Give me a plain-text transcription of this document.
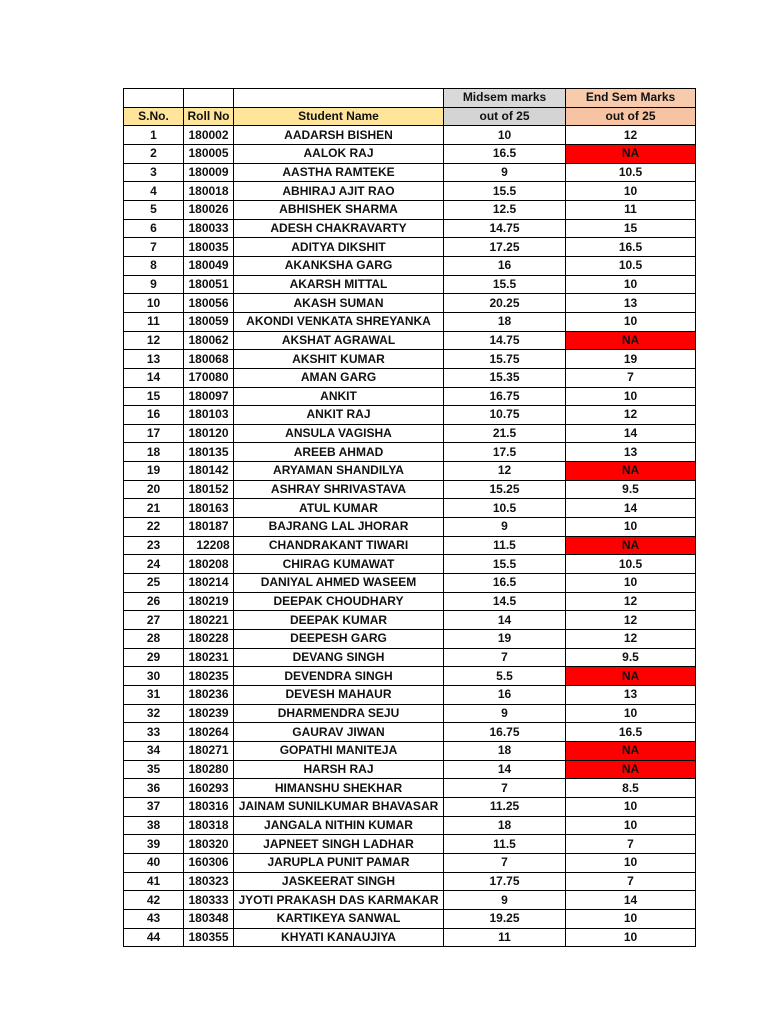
			Midsem marks	End Sem Marks
S.No.	Roll No	Student Name	out of 25	out of 25
1	180002	AADARSH BISHEN	10	12
2	180005	AALOK RAJ	16.5	NA
3	180009	AASTHA RAMTEKE	9	10.5
4	180018	ABHIRAJ AJIT RAO	15.5	10
5	180026	ABHISHEK SHARMA	12.5	11
6	180033	ADESH CHAKRAVARTY	14.75	15
7	180035	ADITYA DIKSHIT	17.25	16.5
8	180049	AKANKSHA GARG	16	10.5
9	180051	AKARSH MITTAL	15.5	10
10	180056	AKASH SUMAN	20.25	13
11	180059	AKONDI VENKATA SHREYANKA	18	10
12	180062	AKSHAT AGRAWAL	14.75	NA
13	180068	AKSHIT KUMAR	15.75	19
14	170080	AMAN GARG	15.35	7
15	180097	ANKIT	16.75	10
16	180103	ANKIT RAJ	10.75	12
17	180120	ANSULA VAGISHA	21.5	14
18	180135	AREEB AHMAD	17.5	13
19	180142	ARYAMAN SHANDILYA	12	NA
20	180152	ASHRAY SHRIVASTAVA	15.25	9.5
21	180163	ATUL KUMAR	10.5	14
22	180187	BAJRANG LAL JHORAR	9	10
23	12208	CHANDRAKANT TIWARI	11.5	NA
24	180208	CHIRAG KUMAWAT	15.5	10.5
25	180214	DANIYAL AHMED WASEEM	16.5	10
26	180219	DEEPAK CHOUDHARY	14.5	12
27	180221	DEEPAK KUMAR	14	12
28	180228	DEEPESH GARG	19	12
29	180231	DEVANG SINGH	7	9.5
30	180235	DEVENDRA SINGH	5.5	NA
31	180236	DEVESH MAHAUR	16	13
32	180239	DHARMENDRA SEJU	9	10
33	180264	GAURAV JIWAN	16.75	16.5
34	180271	GOPATHI MANITEJA	18	NA
35	180280	HARSH RAJ	14	NA
36	160293	HIMANSHU SHEKHAR	7	8.5
37	180316	JAINAM SUNILKUMAR BHAVASAR	11.25	10
38	180318	JANGALA NITHIN KUMAR	18	10
39	180320	JAPNEET SINGH LADHAR	11.5	7
40	160306	JARUPLA PUNIT PAMAR	7	10
41	180323	JASKEERAT SINGH	17.75	7
42	180333	JYOTI PRAKASH DAS KARMAKAR	9	14
43	180348	KARTIKEYA SANWAL	19.25	10
44	180355	KHYATI KANAUJIYA	11	10
